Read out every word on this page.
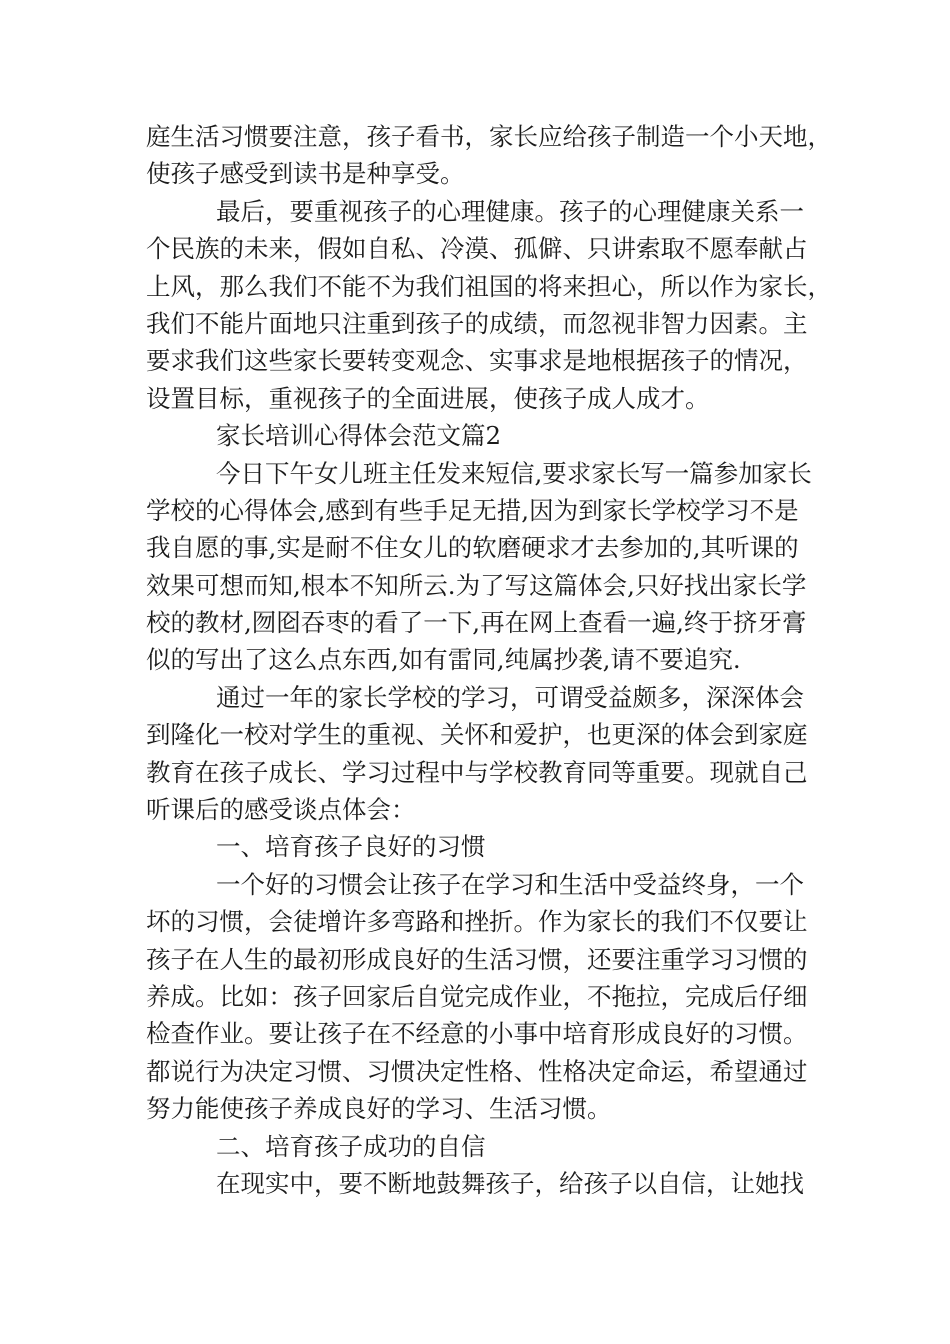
庭生活习惯要注意，孩子看书，家长应给孩子制造一个小天地，
使孩子感受到读书是种享受。
最后，要重视孩子的心理健康。孩子的心理健康关系一
个民族的未来，假如自私、冷漠、孤僻、只讲索取不愿奉献占
上风，那么我们不能不为我们祖国的将来担心，所以作为家长，
我们不能片面地只注重到孩子的成绩，而忽视非智力因素。主
要求我们这些家长要转变观念、实事求是地根据孩子的情况，
设置目标，重视孩子的全面进展，使孩子成人成才。
家长培训心得体会范文篇2
今日下午女儿班主任发来短信,要求家长写一篇参加家长
学校的心得体会,感到有些手足无措,因为到家长学校学习不是
我自愿的事,实是耐不住女儿的软磨硬求才去参加的,其听课的
效果可想而知,根本不知所云.为了写这篇体会,只好找出家长学
校的教材,囫囵吞枣的看了一下,再在网上查看一遍,终于挤牙膏
似的写出了这么点东西,如有雷同,纯属抄袭,请不要追究.
通过一年的家长学校的学习，可谓受益颇多，深深体会
到隆化一校对学生的重视、关怀和爱护，也更深的体会到家庭
教育在孩子成长、学习过程中与学校教育同等重要。现就自己
听课后的感受谈点体会：
一、培育孩子良好的习惯
一个好的习惯会让孩子在学习和生活中受益终身，一个
坏的习惯，会徒增许多弯路和挫折。作为家长的我们不仅要让
孩子在人生的最初形成良好的生活习惯，还要注重学习习惯的
养成。比如：孩子回家后自觉完成作业，不拖拉，完成后仔细
检查作业。要让孩子在不经意的小事中培育形成良好的习惯。
都说行为决定习惯、习惯决定性格、性格决定命运，希望通过
努力能使孩子养成良好的学习、生活习惯。
二、培育孩子成功的自信
在现实中，要不断地鼓舞孩子，给孩子以自信，让她找
